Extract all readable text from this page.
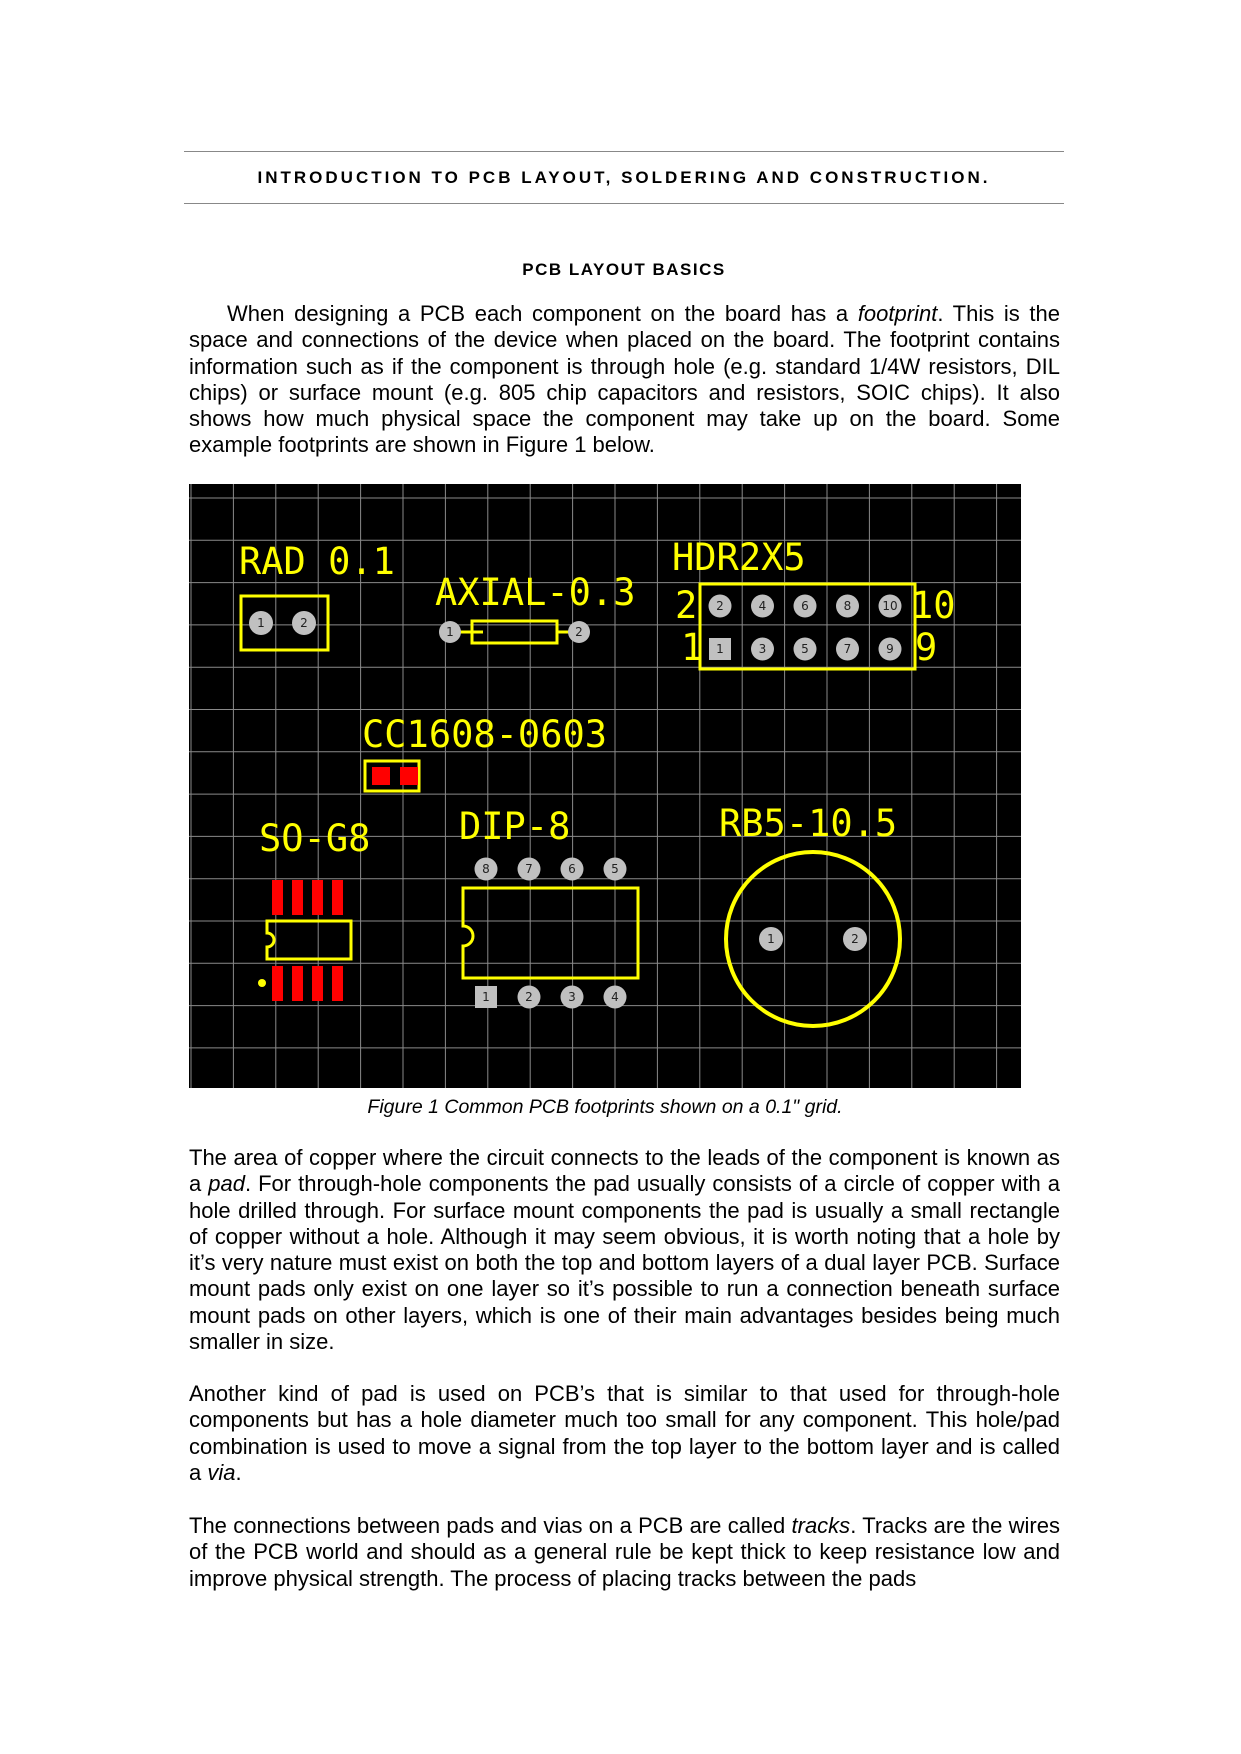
INTRODUCTION TO PCB LAYOUT, SOLDERING AND CONSTRUCTION.
PCB LAYOUT BASICS

When designing a PCB each component on the board has a footprint. This is the space and connections of the device when placed on the board. The footprint contains information such as if the component is through hole (e.g. standard 1/4W resistors, DIL chips) or surface mount (e.g. 805 chip capacitors and resistors, SOIC chips). It also shows how much physical space the component may take up on the board. Some example footprints are shown in Figure 1 below.

RAD 0.1
1	2
AXIAL-0.3
1	2
HDR2X5
2
1
10
9
2	4	6	8	10
1	3	5	7	9
CC1608-0603
SO-G8 DIP-8
8	7	6	5
1	2	3	4
RB5-10.5
1	2
Figure 1 Common PCB footprints shown on a 0.1" grid.

The area of copper where the circuit connects to the leads of the component is known as a pad. For through-hole components the pad usually consists of a circle of copper with a hole drilled through. For surface mount components the pad is usually a small rectangle of copper without a hole. Although it may seem obvious, it is worth noting that a hole by it’s very nature must exist on both the top and bottom layers of a dual layer PCB. Surface mount pads only exist on one layer so it’s possible to run a connection beneath surface mount pads on other layers, which is one of their main advantages besides being much smaller in size.

Another kind of pad is used on PCB’s that is similar to that used for through-hole components but has a hole diameter much too small for any component. This hole/pad combination is used to move a signal from the top layer to the bottom layer and is called a via.

The connections between pads and vias on a PCB are called tracks. Tracks are the wires of the PCB world and should as a general rule be kept thick to keep resistance low and improve physical strength. The process of placing tracks between the pads
